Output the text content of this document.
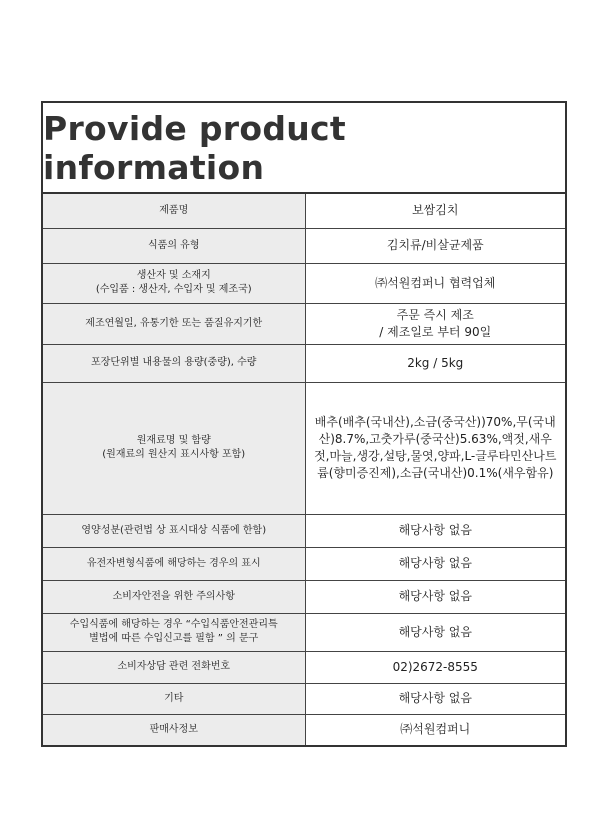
Provide product information
제품명	보쌈김치
식품의 유형	김치류/비살균제품
생산자 및 소재지
(수입품 : 생산자, 수입자 및 제조국)	㈜석원컴퍼니 협력업체
제조연월일, 유통기한 또는 품질유지기한	주문 즉시 제조
/ 제조일로 부터 90일
포장단위별 내용물의 용량(중량), 수량	2kg / 5kg
원재료명 및 함량
(원재료의 원산지 표시사항 포함)	배추(배추(국내산),소금(중국산))70%,무(국내산)8.7%,고춧가루(중국산)5.63%,액젓,새우젓,마늘,생강,설탕,물엿,양파,L-글루타민산나트륨(향미증진제),소금(국내산)0.1%(새우함유)
영양성분(관련법 상 표시대상 식품에 한함)	해당사항 없음
유전자변형식품에 해당하는 경우의 표시	해당사항 없음
소비자안전을 위한 주의사항	해당사항 없음
수입식품에 해당하는 경우 “수입식품안전관리특
별법에 따른 수입신고를 필함 ” 의 문구	해당사항 없음
소비자상담 관련 전화번호	02)2672-8555
기타	해당사항 없음
판매사정보	㈜석원컴퍼니
